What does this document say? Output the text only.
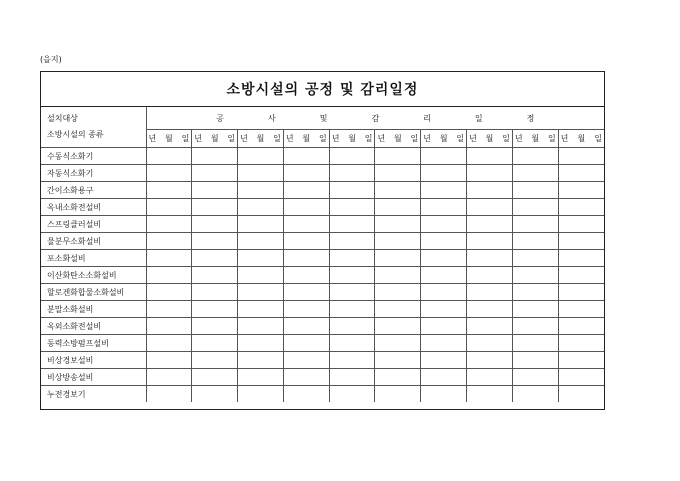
(을지)
소방시설의 공정 및 감리일정
설치대상
소방시설의 종류	공 사 및 감 리 일 정									

	년 월 일	년 월 일	년 월 일	년 월 일	년 월 일	년 월 일	년 월 일	년 월 일	년 월 일	년 월 일

수동식소화기										
자동식소화기										
간이소화용구										
옥내소화전설비										
스프링클러설비										
물분무소화설비										
포소화설비										
이산화탄소소화설비										
할로겐화합물소화설비										
분말소화설비										
옥외소화전설비										
동력소방펌프설비										
비상경보설비										
비상방송설비										
누전경보기										
